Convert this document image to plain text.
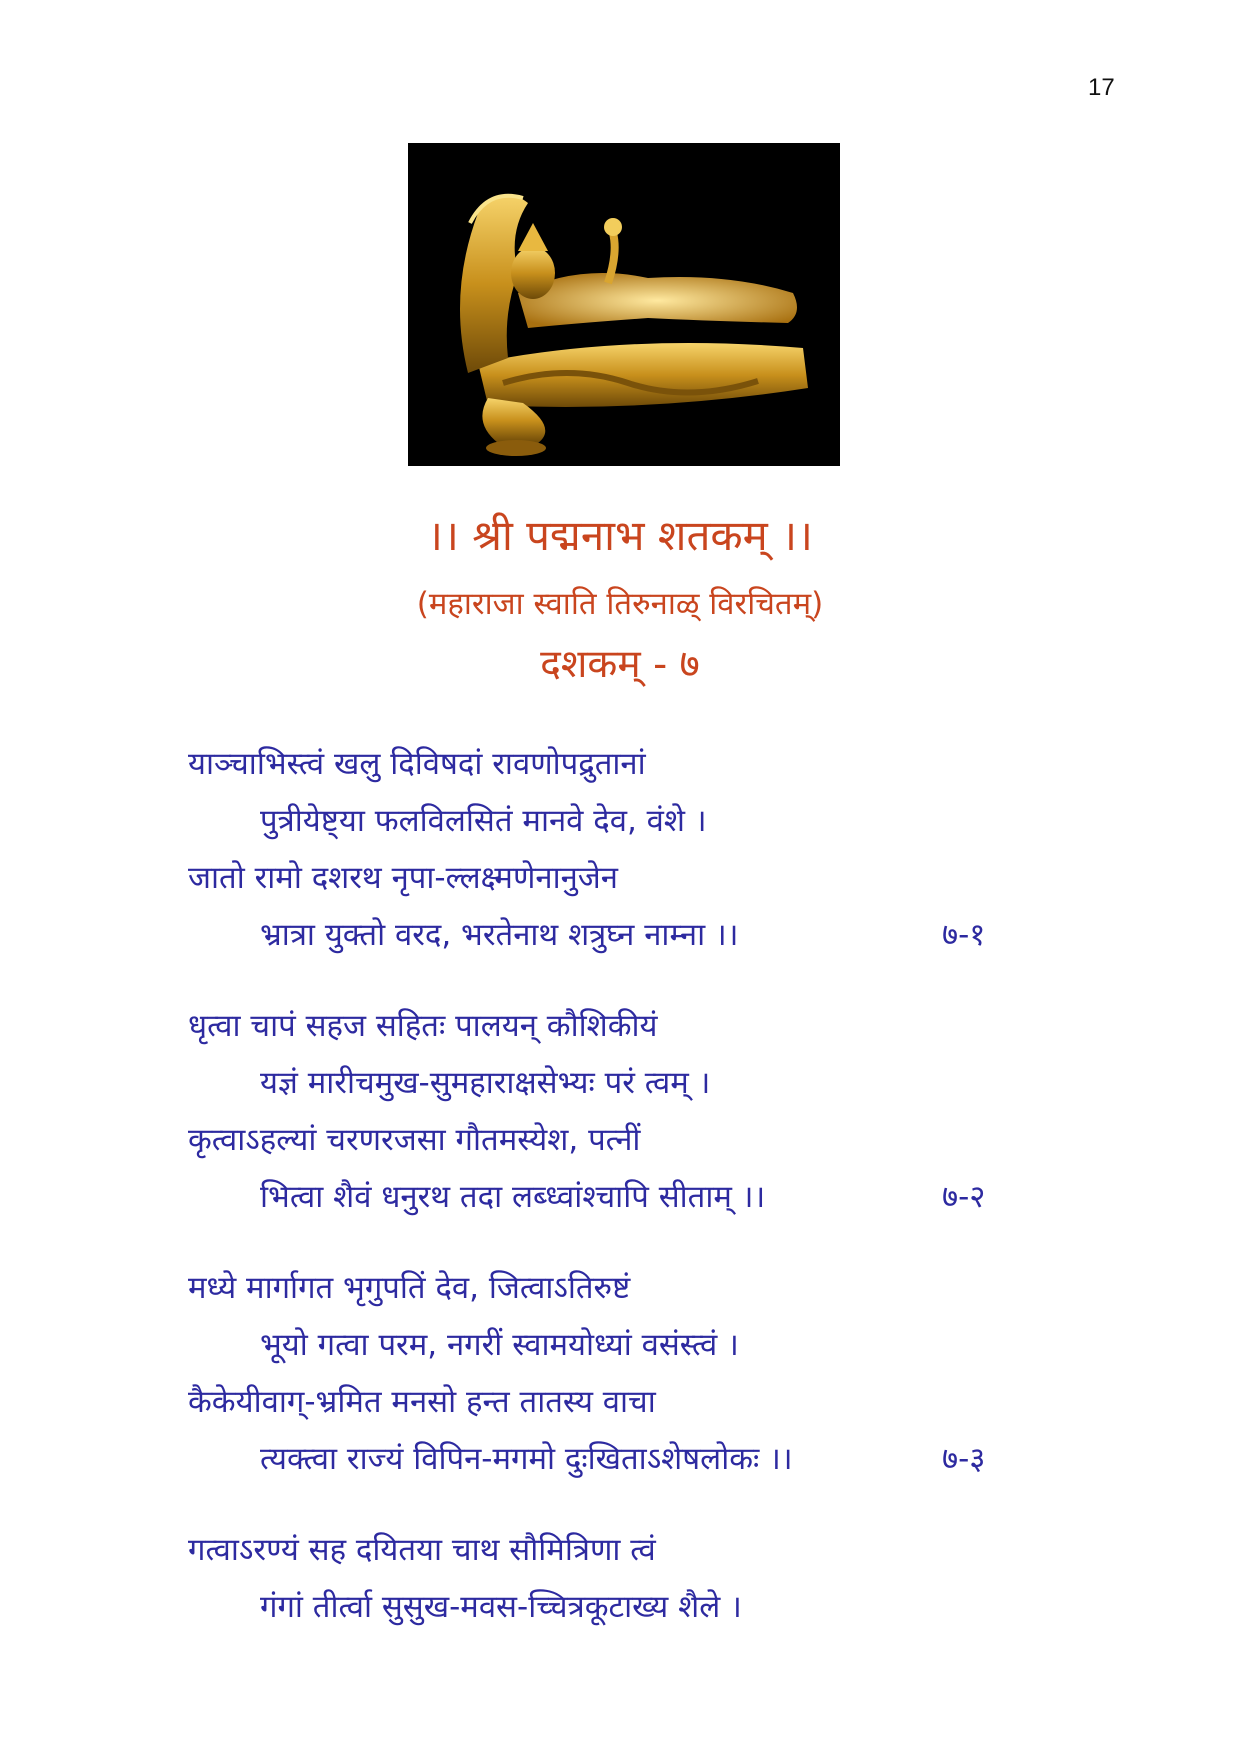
17
।। श्री पद्मनाभ शतकम् ।।
(महाराजा स्वाति तिरुनाळ् विरचितम्)
दशकम् - ७
याञ्चाभिस्त्वं खलु दिविषदां रावणोपद्रुतानां
पुत्रीयेष्ट्या फलविलसितं मानवे देव, वंशे ।
जातो रामो दशरथ नृपा-ल्लक्ष्मणेनानुजेन
भ्रात्रा युक्तो वरद, भरतेनाथ शत्रुघ्न नाम्ना ।।	७-१
धृत्वा चापं सहज सहितः पालयन् कौशिकीयं
यज्ञं मारीचमुख-सुमहाराक्षसेभ्यः परं त्वम् ।
कृत्वाऽहल्यां चरणरजसा गौतमस्येश, पत्नीं
भित्वा शैवं धनुरथ तदा लब्ध्वांश्चापि सीताम् ।।	७-२
मध्ये मार्गागत भृगुपतिं देव, जित्वाऽतिरुष्टं
भूयो गत्वा परम, नगरीं स्वामयोध्यां वसंस्त्वं ।
कैकेयीवाग्-भ्रमित मनसो हन्त तातस्य वाचा
त्यक्त्वा राज्यं विपिन-मगमो दुःखिताऽशेषलोकः ।।	७-३
गत्वाऽरण्यं सह दयितया चाथ सौमित्रिणा त्वं
गंगां तीर्त्वा सुसुख-मवस-च्चित्रकूटाख्य शैले ।
